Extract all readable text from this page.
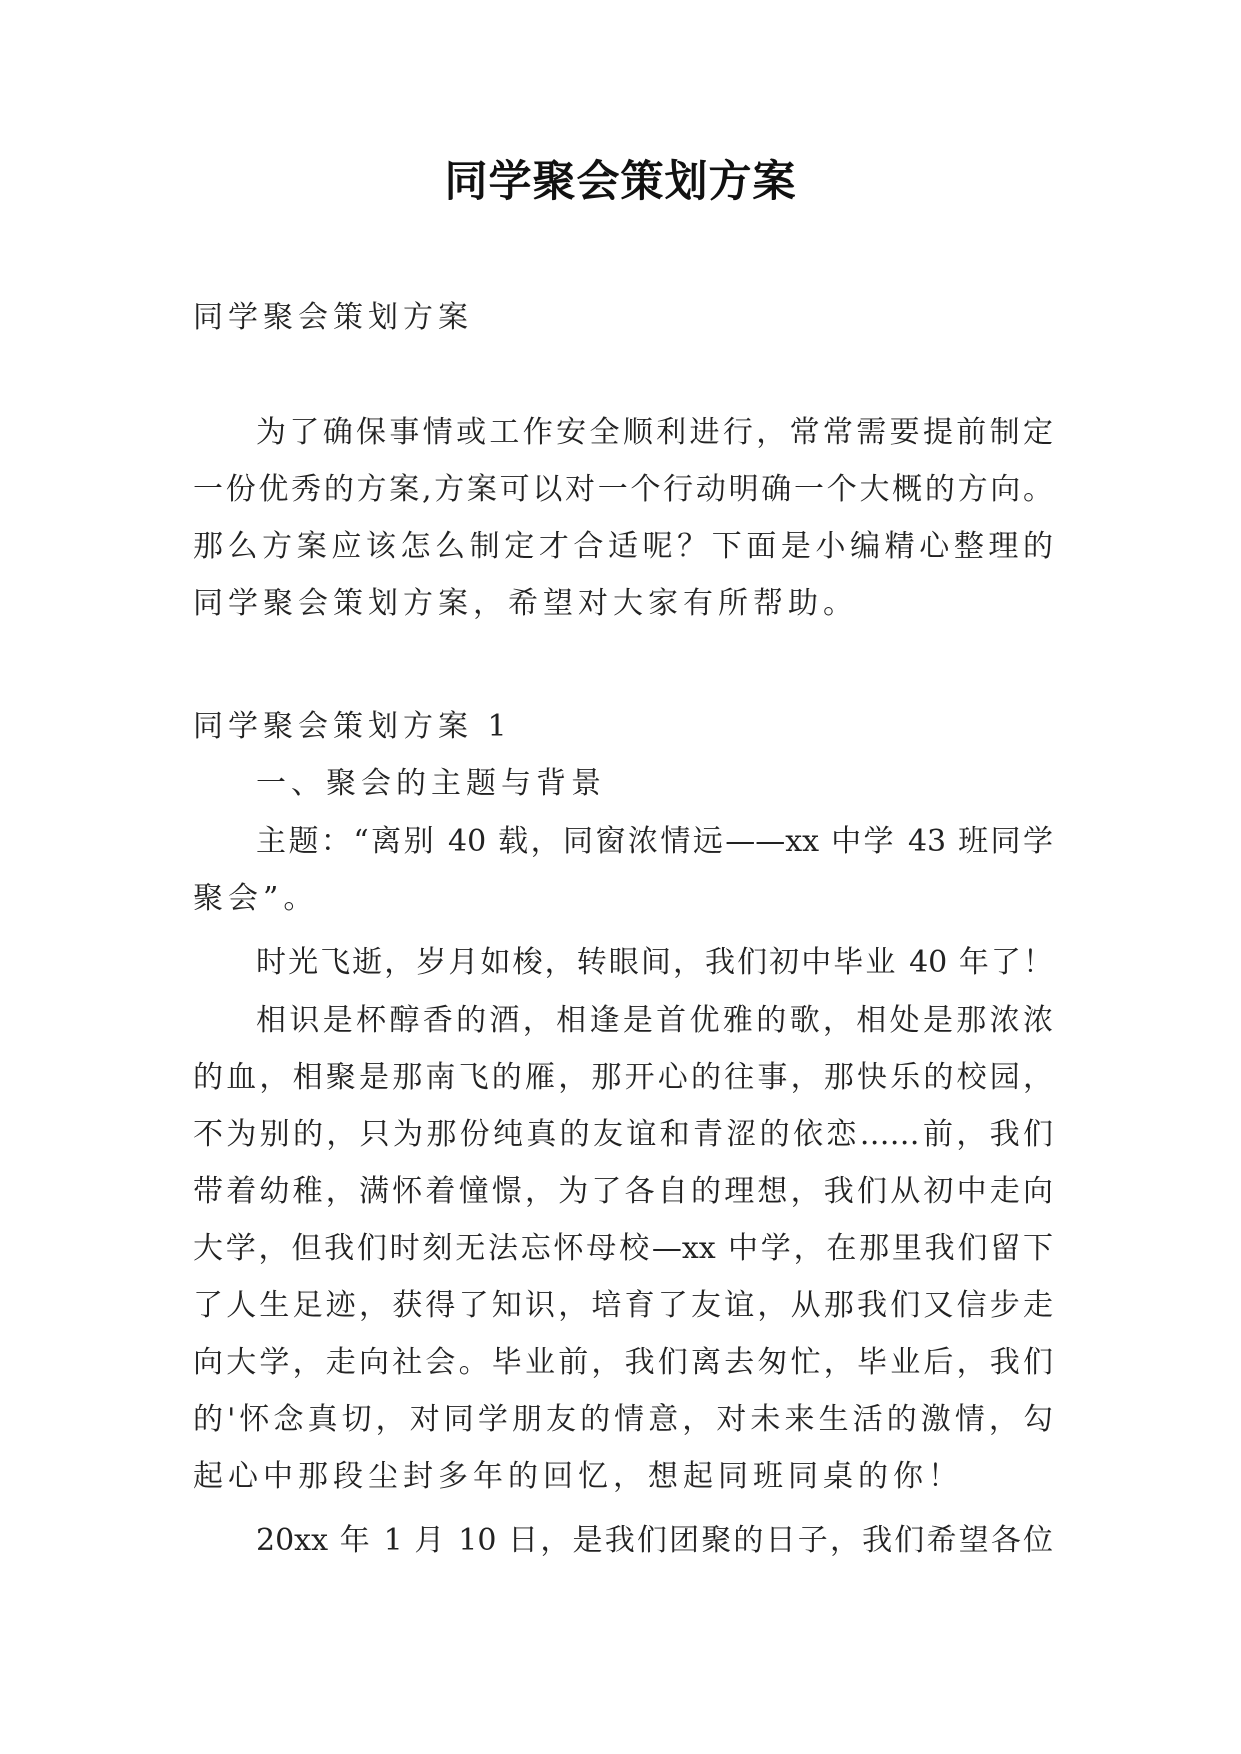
同学聚会策划方案
同学聚会策划方案
为了确保事情或工作安全顺利进行，常常需要提前制定
一份优秀的方案,方案可以对一个行动明确一个大概的方向。
那么方案应该怎么制定才合适呢？下面是小编精心整理的
同学聚会策划方案，希望对大家有所帮助。
同学聚会策划方案 1
一、聚会的主题与背景
主题：“离别 40 载，同窗浓情远——xx 中学 43 班同学
聚会”。
时光飞逝，岁月如梭，转眼间，我们初中毕业 40 年了！
相识是杯醇香的酒，相逢是首优雅的歌，相处是那浓浓
的血，相聚是那南飞的雁，那开心的往事，那快乐的校园，
不为别的，只为那份纯真的友谊和青涩的依恋……前，我们
带着幼稚，满怀着憧憬，为了各自的理想，我们从初中走向
大学，但我们时刻无法忘怀母校—xx 中学，在那里我们留下
了人生足迹，获得了知识，培育了友谊，从那我们又信步走
向大学，走向社会。毕业前，我们离去匆忙，毕业后，我们
的'怀念真切，对同学朋友的情意，对未来生活的激情，勾
起心中那段尘封多年的回忆，想起同班同桌的你！
20xx 年 1 月 10 日，是我们团聚的日子，我们希望各位
